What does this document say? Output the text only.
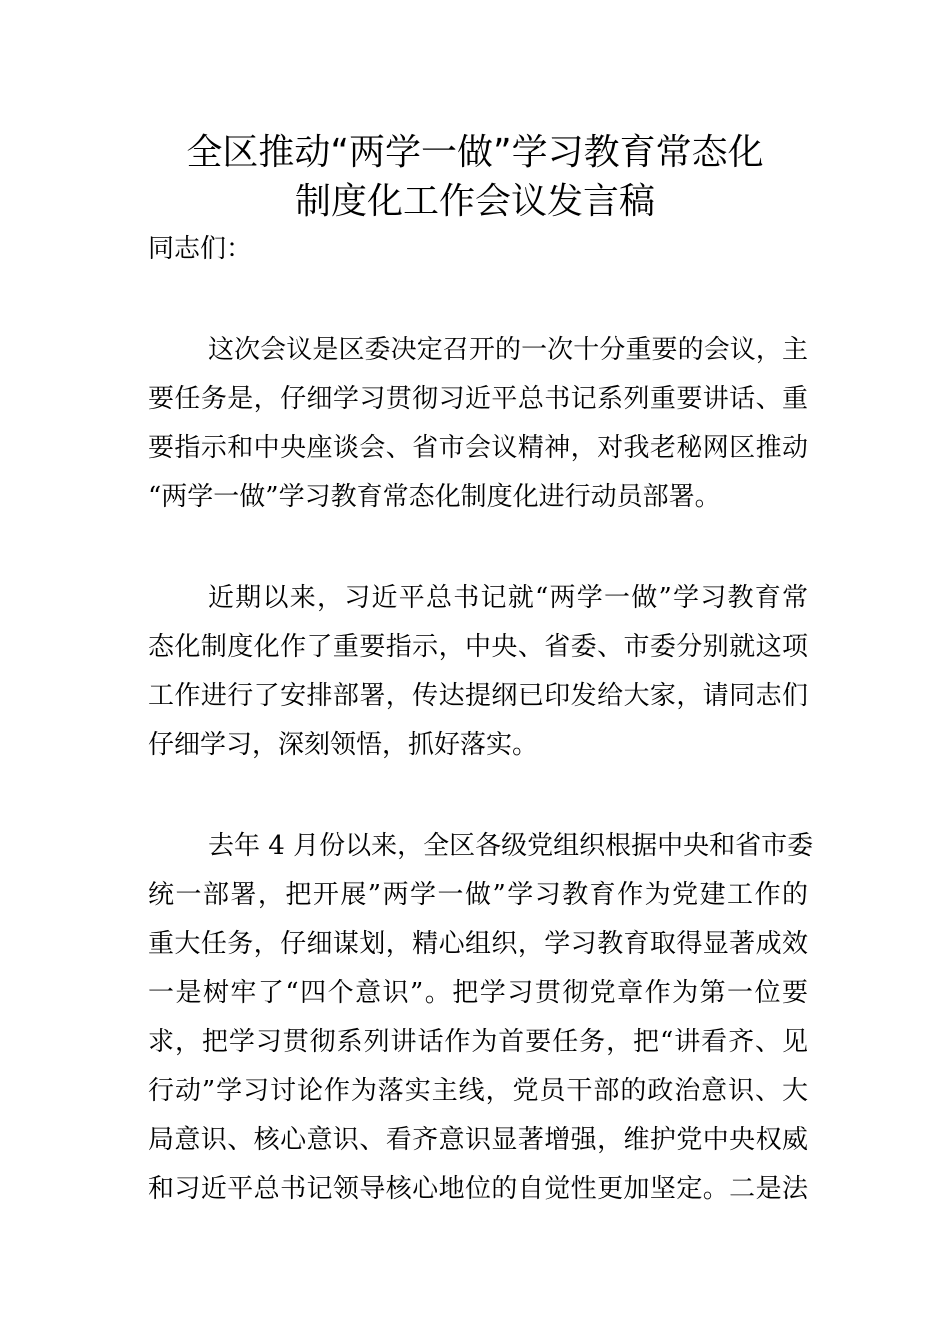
全区推动“两学一做”学习教育常态化
制度化工作会议发言稿
同志们：
这次会议是区委决定召开的一次十分重要的会议，主
要任务是，仔细学习贯彻习近平总书记系列重要讲话、重
要指示和中央座谈会、省市会议精神，对我老秘网区推动
“两学一做”学习教育常态化制度化进行动员部署。
近期以来，习近平总书记就“两学一做”学习教育常
态化制度化作了重要指示，中央、省委、市委分别就这项
工作进行了安排部署，传达提纲已印发给大家，请同志们
仔细学习，深刻领悟，抓好落实。
去年 4 月份以来，全区各级党组织根据中央和省市委
统一部署，把开展”两学一做”学习教育作为党建工作的
重大任务，仔细谋划，精心组织，学习教育取得显著成效
一是树牢了“四个意识”。把学习贯彻党章作为第一位要
求，把学习贯彻系列讲话作为首要任务，把“讲看齐、见
行动”学习讨论作为落实主线，党员干部的政治意识、大
局意识、核心意识、看齐意识显著增强，维护党中央权威
和习近平总书记领导核心地位的自觉性更加坚定。二是法
